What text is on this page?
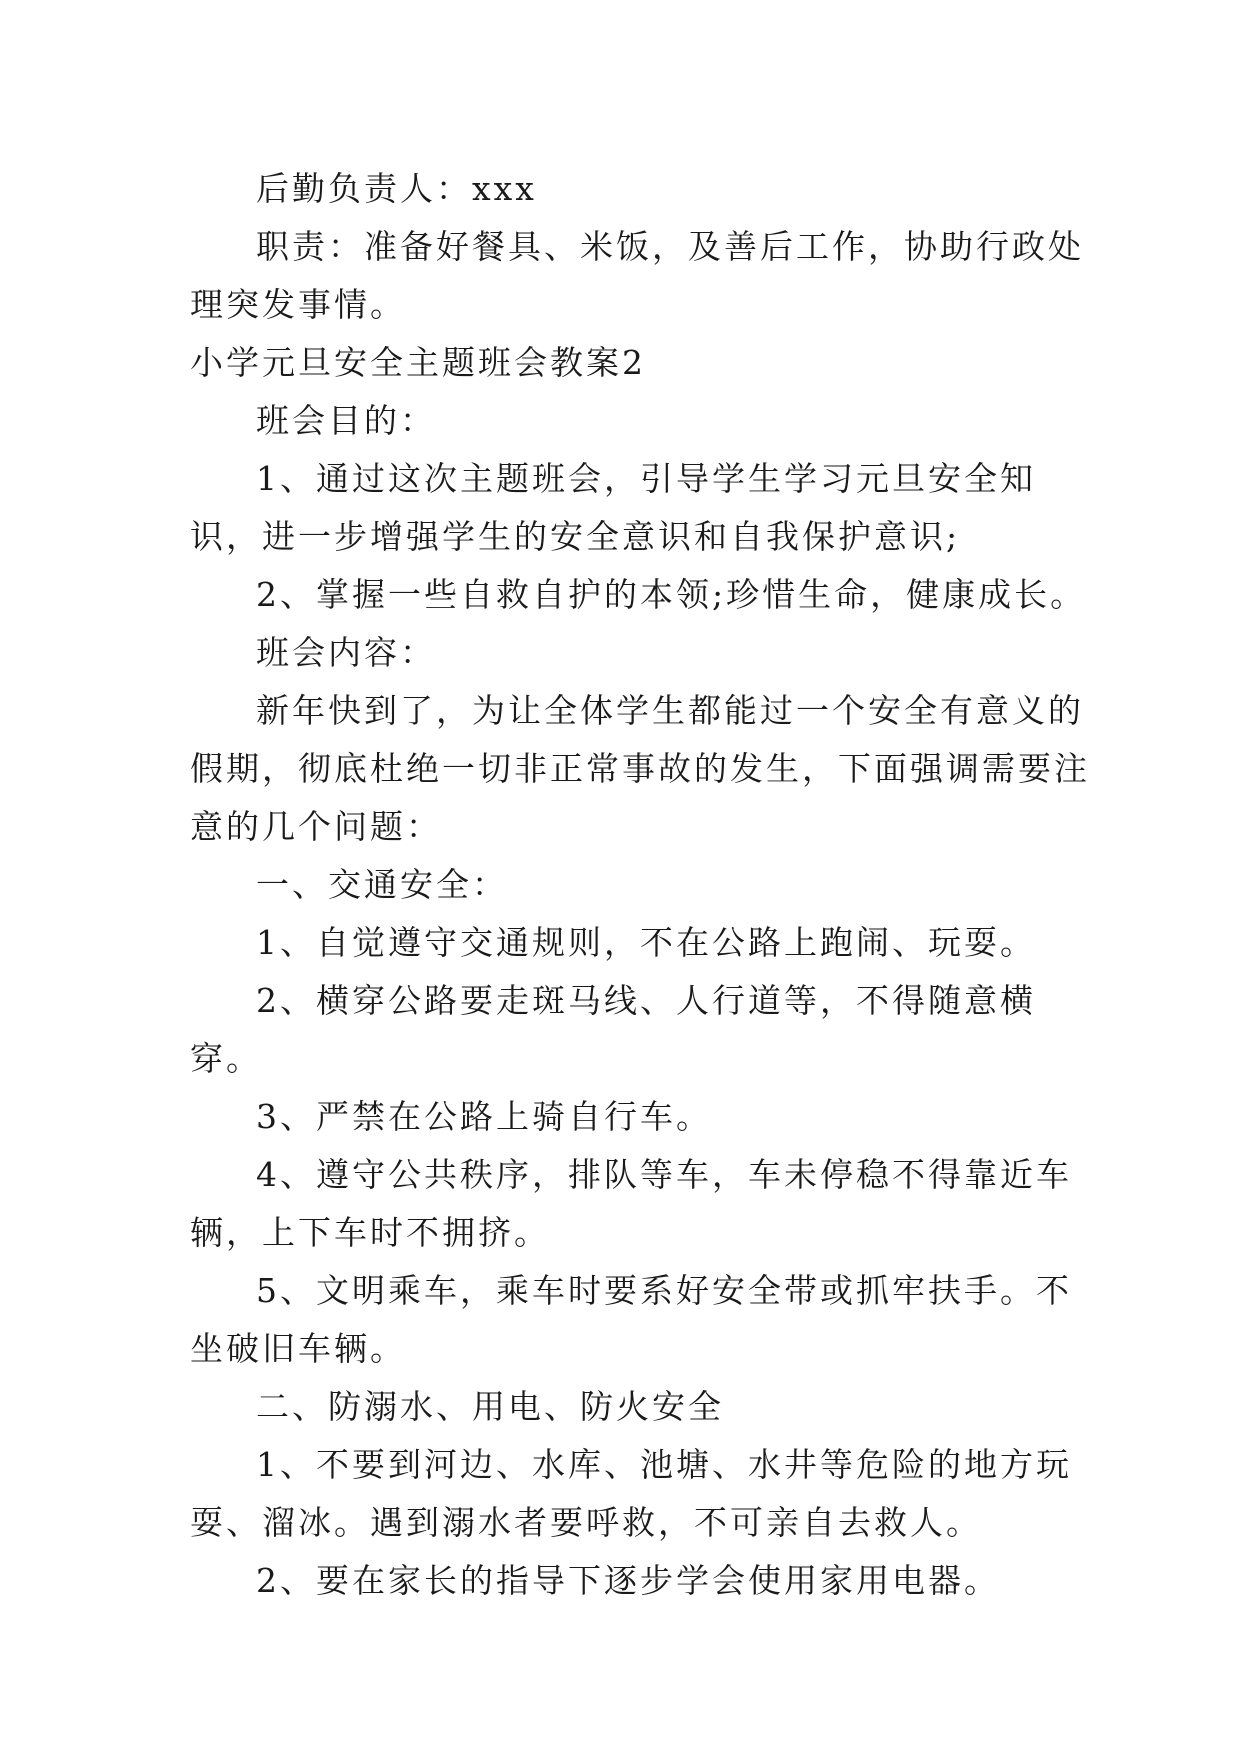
后勤负责人：xxx

职责：准备好餐具、米饭，及善后工作，协助行政处理突发事情。

小学元旦安全主题班会教案2

班会目的：

1、通过这次主题班会，引导学生学习元旦安全知识，进一步增强学生的安全意识和自我保护意识;

2、掌握一些自救自护的本领;珍惜生命，健康成长。

班会内容：

新年快到了，为让全体学生都能过一个安全有意义的假期，彻底杜绝一切非正常事故的发生，下面强调需要注意的几个问题：

一、交通安全：

1、自觉遵守交通规则，不在公路上跑闹、玩耍。

2、横穿公路要走斑马线、人行道等，不得随意横穿。

3、严禁在公路上骑自行车。

4、遵守公共秩序，排队等车，车未停稳不得靠近车辆，上下车时不拥挤。

5、文明乘车，乘车时要系好安全带或抓牢扶手。不坐破旧车辆。

二、防溺水、用电、防火安全

1、不要到河边、水库、池塘、水井等危险的地方玩耍、溜冰。遇到溺水者要呼救，不可亲自去救人。

2、要在家长的指导下逐步学会使用家用电器。
